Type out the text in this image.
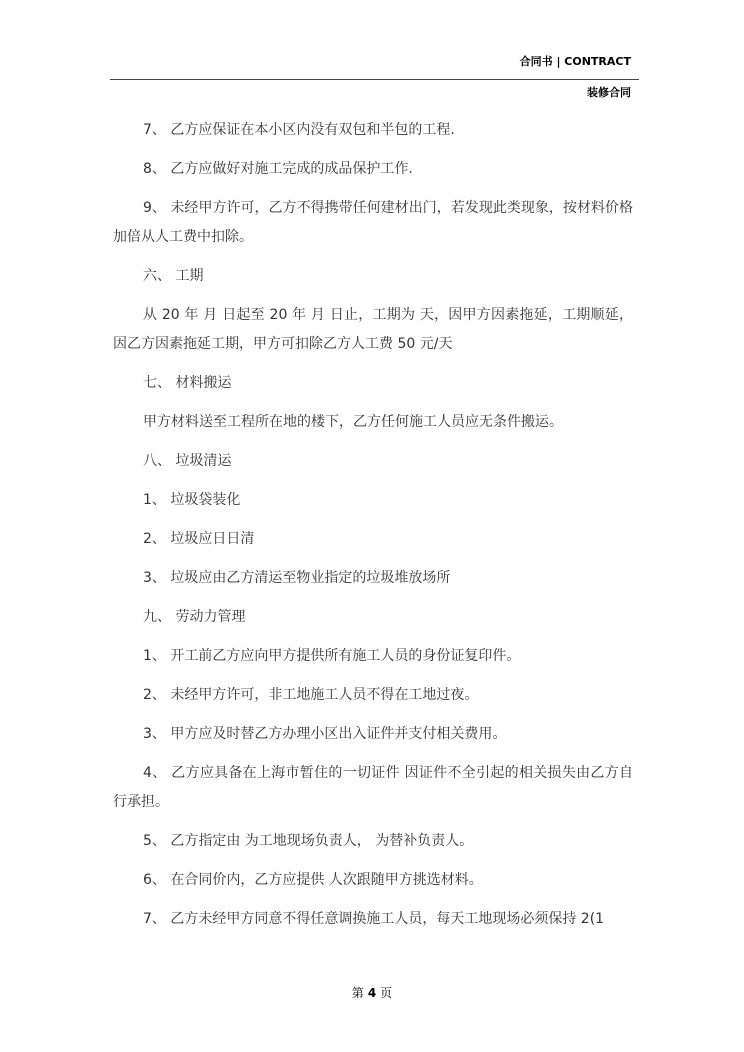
合同书 | CONTRACT
装修合同

7、 乙方应保证在本小区内没有双包和半包的工程.

8、 乙方应做好对施工完成的成品保护工作.

9、 未经甲方许可，乙方不得携带任何建材出门，若发现此类现象，按材料价格加倍从人工费中扣除。

六、 工期

从 20 年 月 日起至 20 年 月 日止，工期为 天，因甲方因素拖延，工期顺延，因乙方因素拖延工期，甲方可扣除乙方人工费 50 元/天

七、 材料搬运

甲方材料送至工程所在地的楼下，乙方任何施工人员应无条件搬运。

八、 垃圾清运

1、 垃圾袋装化

2、 垃圾应日日清

3、 垃圾应由乙方清运至物业指定的垃圾堆放场所

九、 劳动力管理

1、 开工前乙方应向甲方提供所有施工人员的身份证复印件。

2、 未经甲方许可，非工地施工人员不得在工地过夜。

3、 甲方应及时替乙方办理小区出入证件并支付相关费用。

4、 乙方应具备在上海市暂住的一切证件 因证件不全引起的相关损失由乙方自行承担。

5、 乙方指定由 为工地现场负责人， 为替补负责人。

6、 在合同价内，乙方应提供 人次跟随甲方挑选材料。

7、 乙方未经甲方同意不得任意调换施工人员，每天工地现场必须保持 2(1

第 4 页
